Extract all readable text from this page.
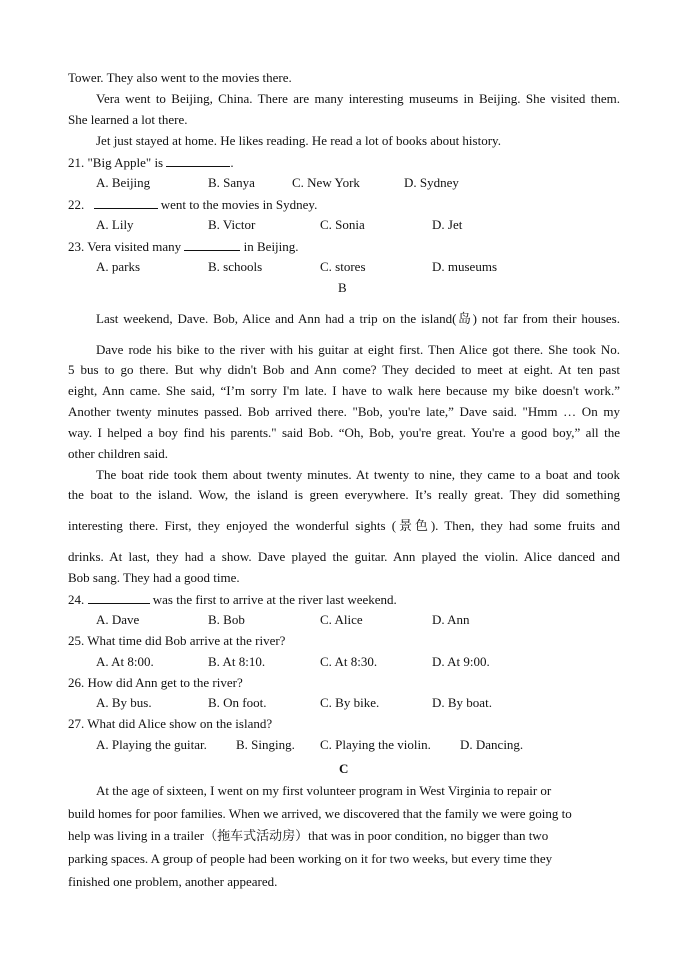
Tower. They also went to the movies there.
Vera went to Beijing, China. There are many interesting museums in Beijing. She visited them.
She learned a lot there.
Jet just stayed at home. He likes reading. He read a lot of books about history.
21. "Big Apple" is	.
A. Beijing	B. Sanya	C. New York	D. Sydney
22.	went to the movies in Sydney.
A. Lily	B. Victor	C. Sonia	D. Jet
23. Vera visited many	in Beijing.
A. parks	B. schools	C. stores	D. museums
B
Last weekend, Dave. Bob, Alice and Ann had a trip on the island(岛) not far from their houses.
Dave rode his bike to the river with his guitar at eight first. Then Alice got there. She took No.
5 bus to go there. But why didn't Bob and Ann come? They decided to meet at eight. At ten past
eight, Ann came. She said, “I’m sorry I'm late. I have to walk here because my bike doesn't work.”
Another twenty minutes passed. Bob arrived there. "Bob, you're late,” Dave said. "Hmm … On my
way. I helped a boy find his parents." said Bob. “Oh, Bob, you're great. You're a good boy,” all the
other children said.
The boat ride took them about twenty minutes. At twenty to nine, they came to a boat and took
the boat to the island. Wow, the island is green everywhere. It’s really great. They did something
interesting there. First, they enjoyed the wonderful sights (景色). Then, they had some fruits and
drinks. At last, they had a show. Dave played the guitar. Ann played the violin. Alice danced and
Bob sang. They had a good time.
24.	was the first to arrive at the river last weekend.
A. Dave	B. Bob	C. Alice	D. Ann
25. What time did Bob arrive at the river?
A. At 8:00.	B. At 8:10.	C. At 8:30.	D. At 9:00.
26. How did Ann get to the river?
A. By bus.	B. On foot.	C. By bike.	D. By boat.
27. What did Alice show on the island?
A. Playing the guitar. B. Singing. C. Playing the violin. D. Dancing.
C
At the age of sixteen, I went on my first volunteer program in West Virginia to repair or
build homes for poor families. When we arrived, we discovered that the family we were going to
help was living in a trailer（拖车式活动房）that was in poor condition, no bigger than two
parking spaces. A group of people had been working on it for two weeks, but every time they
finished one problem, another appeared.
